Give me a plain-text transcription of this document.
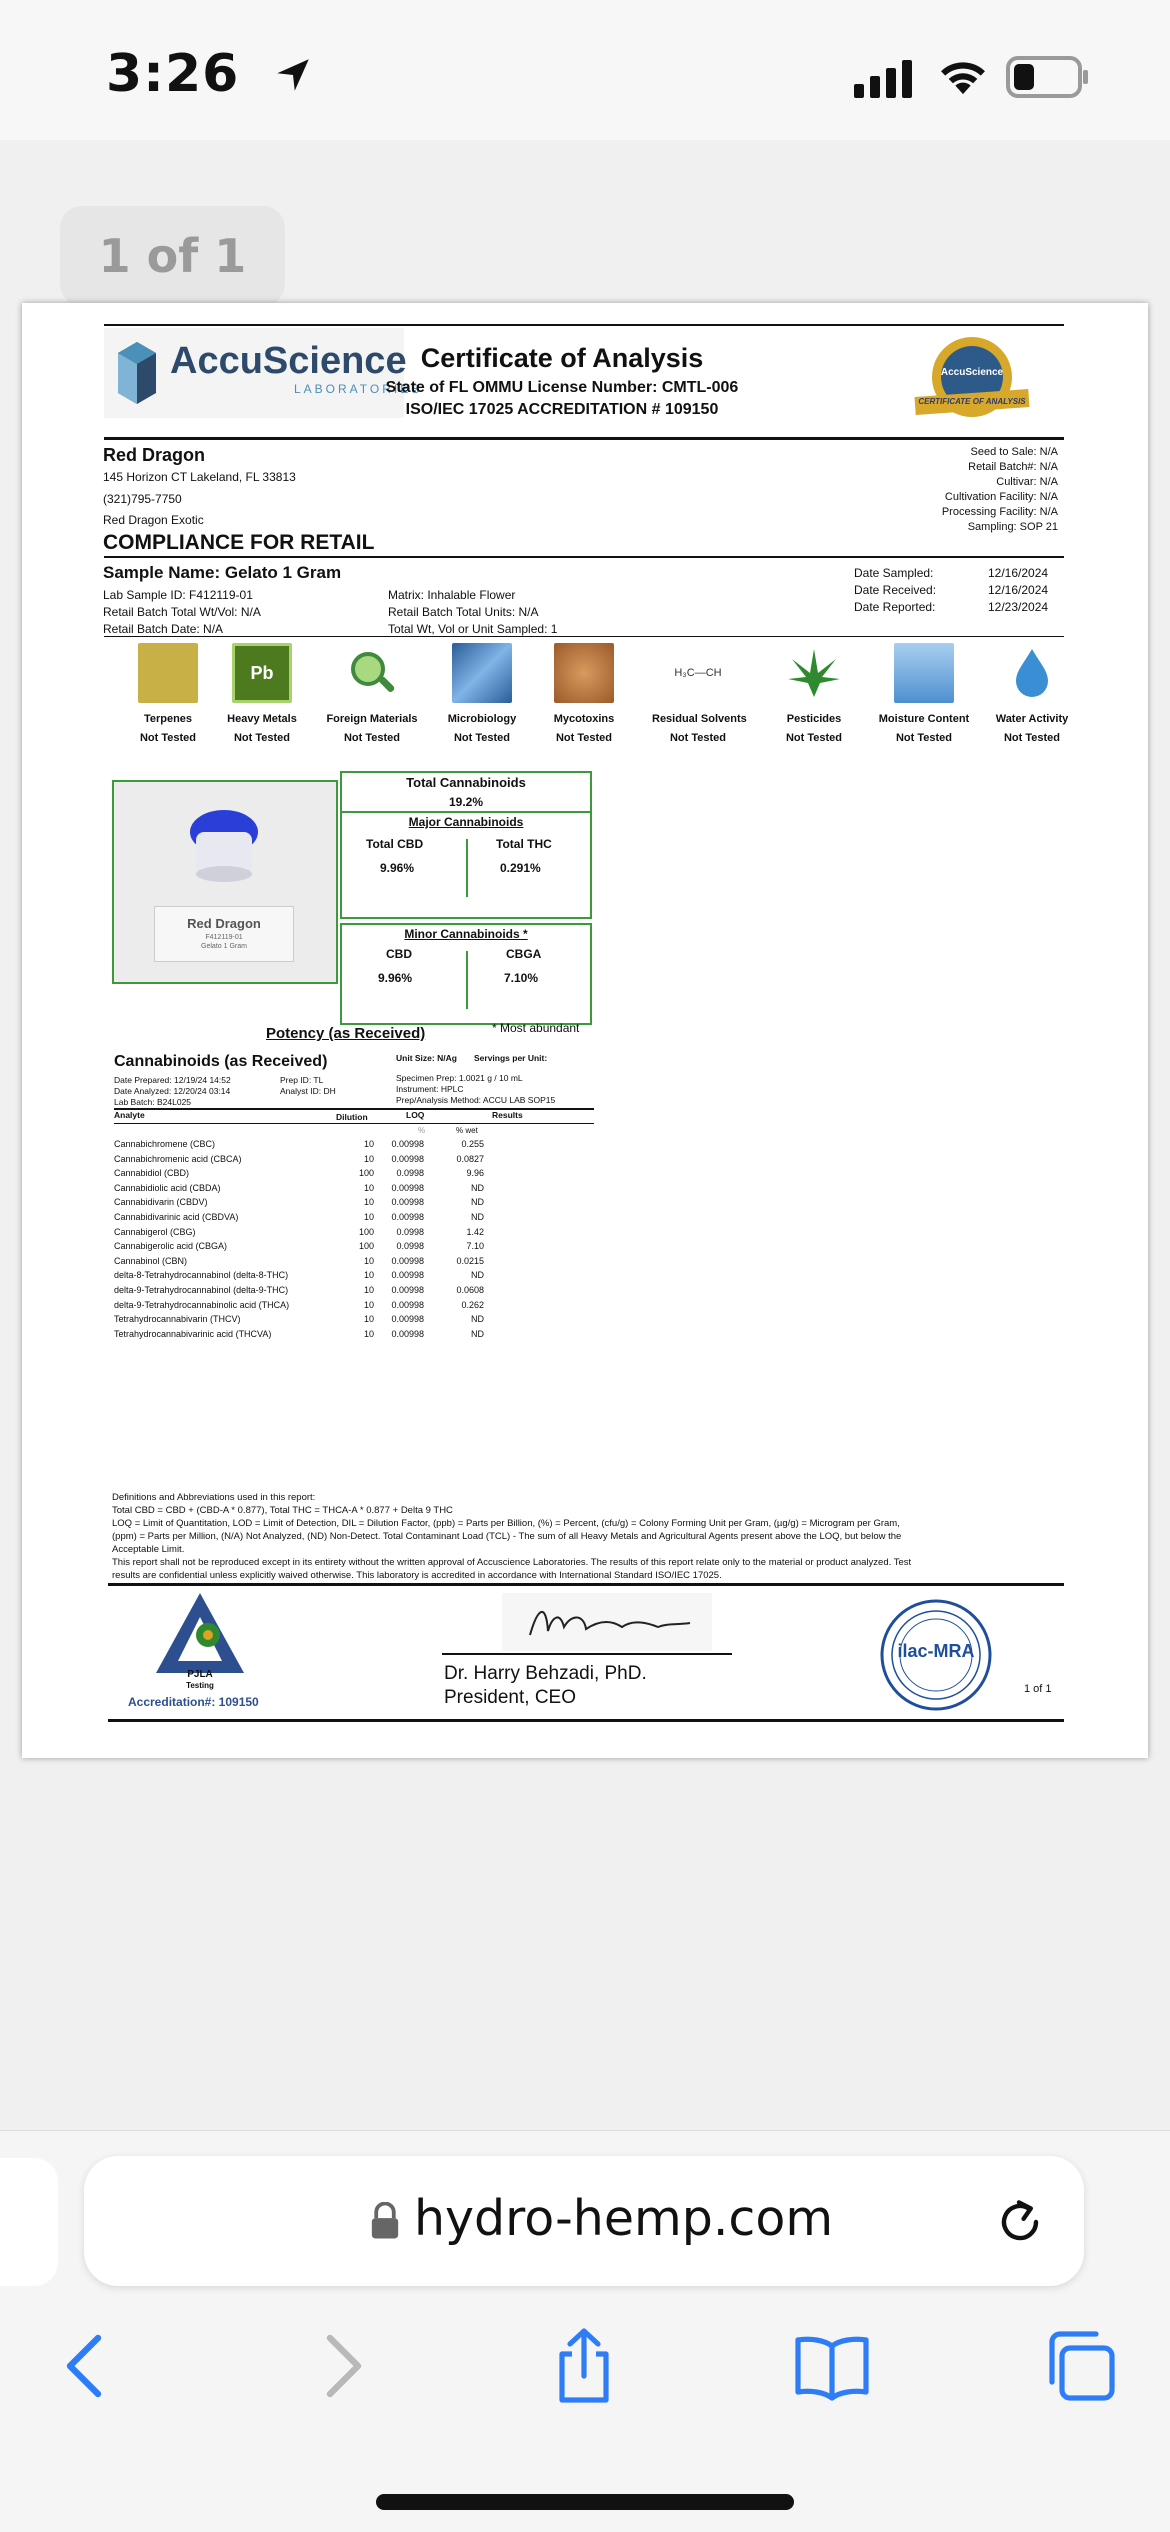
3:26
1 of 1
AccuScience
LABORATORIES
Certificate of Analysis
State of FL OMMU License Number: CMTL-006
ISO/IEC 17025 ACCREDITATION # 109150
AccuScience
CERTIFICATE OF ANALYSIS
Red Dragon
145 Horizon CT Lakeland, FL 33813
(321)795-7750
Red Dragon Exotic
Seed to Sale: N/A
Retail Batch#: N/A
Cultivar: N/A
Cultivation Facility: N/A
Processing Facility: N/A
Sampling: SOP 21
COMPLIANCE FOR RETAIL
Sample Name: Gelato 1 Gram
Lab Sample ID: F412119-01
Retail Batch Total Wt/Vol: N/A
Retail Batch Date: N/A
Matrix: Inhalable Flower
Retail Batch Total Units: N/A
Total Wt, Vol or Unit Sampled: 1
Date Sampled:	12/16/2024
Date Received:	12/16/2024
Date Reported:	12/23/2024
Terpenes
Not Tested
Pb
Heavy Metals
Not Tested
Foreign Materials
Not Tested
Microbiology
Not Tested
Mycotoxins
Not Tested
H₃C—CH
Residual Solvents
Not Tested
Pesticides
Not Tested
Moisture Content
Not Tested
Water Activity
Not Tested
Red Dragon
F412119-01
Gelato 1 Gram
Total Cannabinoids
19.2%
Major Cannabinoids
Total CBD
9.96%
Total THC
0.291%
Minor Cannabinoids *
CBD
9.96%
CBGA
7.10%
* Most abundant
Potency (as Received)
Cannabinoids (as Received)
Date Prepared: 12/19/24 14:52	Prep ID: TL
Date Analyzed: 12/20/24 03:14	Analyst ID: DH
Lab Batch: B24L025
Unit Size: N/Ag Servings per Unit:
Specimen Prep: 1.0021 g / 10 mL
Instrument: HPLC
Prep/Analysis Method: ACCU LAB SOP15
Analyte	Dilution	LOQ	Results
%	% wet
Cannabichromene (CBC)	10	0.00998	0.255
Cannabichromenic acid (CBCA)	10	0.00998	0.0827
Cannabidiol (CBD)	100	0.0998	9.96
Cannabidiolic acid (CBDA)	10	0.00998	ND
Cannabidivarin (CBDV)	10	0.00998	ND
Cannabidivarinic acid (CBDVA)	10	0.00998	ND
Cannabigerol (CBG)	100	0.0998	1.42
Cannabigerolic acid (CBGA)	100	0.0998	7.10
Cannabinol (CBN)	10	0.00998	0.0215
delta-8-Tetrahydrocannabinol (delta-8-THC)	10	0.00998	ND
delta-9-Tetrahydrocannabinol (delta-9-THC)	10	0.00998	0.0608
delta-9-Tetrahydrocannabinolic acid (THCA)	10	0.00998	0.262
Tetrahydrocannabivarin (THCV)	10	0.00998	ND
Tetrahydrocannabivarinic acid (THCVA)	10	0.00998	ND
Definitions and Abbreviations used in this report:
Total CBD = CBD + (CBD-A * 0.877), Total THC = THCA-A * 0.877 + Delta 9 THC
LOQ = Limit of Quantitation, LOD = Limit of Detection, DIL = Dilution Factor, (ppb) = Parts per Billion, (%) = Percent, (cfu/g) = Colony Forming Unit per Gram, (µg/g) = Microgram per Gram,
(ppm) = Parts per Million, (N/A) Not Analyzed, (ND) Non-Detect. Total Contaminant Load (TCL) - The sum of all Heavy Metals and Agricultural Agents present above the LOQ, but below the
Acceptable Limit.
This report shall not be reproduced except in its entirety without the written approval of Accuscience Laboratories. The results of this report relate only to the material or product analyzed. Test
results are confidential unless explicitly waived otherwise. This laboratory is accredited in accordance with International Standard ISO/IEC 17025.
PJLA
Testing
Accreditation#: 109150
Dr. Harry Behzadi, PhD.
President, CEO
ilac-MRA
1 of 1
hydro-hemp.com
